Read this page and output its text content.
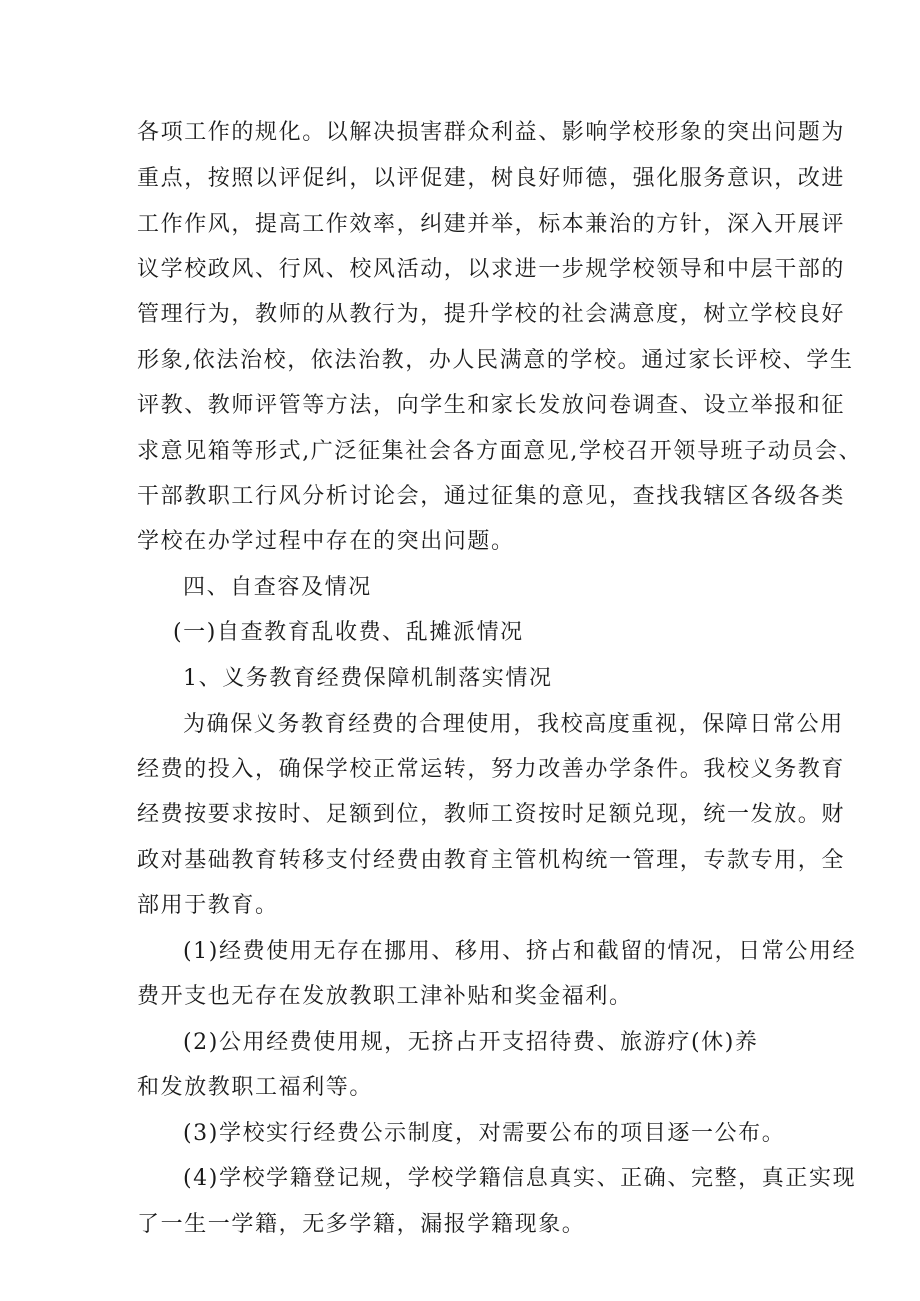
各项工作的规化。以解决损害群众利益、影响学校形象的突出问题为
重点，按照以评促纠，以评促建，树良好师德，强化服务意识，改进
工作作风，提高工作效率，纠建并举，标本兼治的方针，深入开展评
议学校政风、行风、校风活动，以求进一步规学校领导和中层干部的
管理行为，教师的从教行为，提升学校的社会满意度，树立学校良好
形象,依法治校，依法治教，办人民满意的学校。通过家长评校、学生
评教、教师评管等方法，向学生和家长发放问卷调查、设立举报和征
求意见箱等形式,广泛征集社会各方面意见,学校召开领导班子动员会、
干部教职工行风分析讨论会，通过征集的意见，查找我辖区各级各类
学校在办学过程中存在的突出问题。
四、自查容及情况
(一)自查教育乱收费、乱摊派情况
1、义务教育经费保障机制落实情况
为确保义务教育经费的合理使用，我校高度重视，保障日常公用
经费的投入，确保学校正常运转，努力改善办学条件。我校义务教育
经费按要求按时、足额到位，教师工资按时足额兑现，统一发放。财
政对基础教育转移支付经费由教育主管机构统一管理，专款专用，全
部用于教育。
(1)经费使用无存在挪用、移用、挤占和截留的情况，日常公用经
费开支也无存在发放教职工津补贴和奖金福利。
(2)公用经费使用规，无挤占开支招待费、旅游疗(休)养
和发放教职工福利等。
(3)学校实行经费公示制度，对需要公布的项目逐一公布。
(4)学校学籍登记规，学校学籍信息真实、正确、完整，真正实现
了一生一学籍，无多学籍，漏报学籍现象。
